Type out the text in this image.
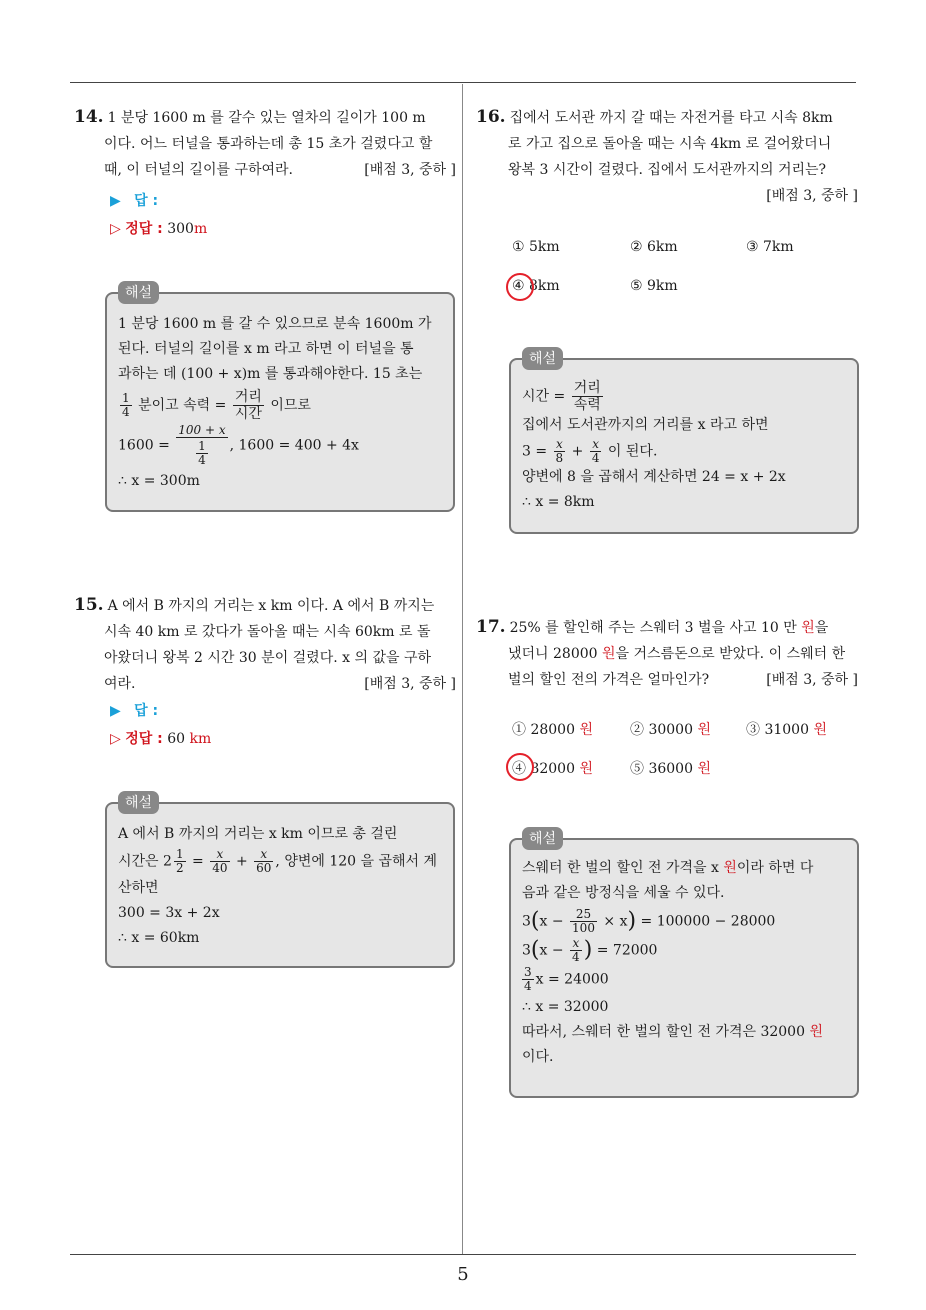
14. 1 분당 1600 m 를 갈수 있는 열차의 길이가 100 m
이다. 어느 터널을 통과하는데 총 15 초가 걸렸다고 할
때, 이 터널의 길이를 구하여라.	[배점 3, 중하 ]
▶ 답 :
▷ 정답 : 300m
해설
1 분당 1600 m 를 갈 수 있으므로 분속 1600m 가
된다. 터널의 길이를 x m 라고 하면 이 터널을 통
과하는 데 (100 + x)m 를 통과해야한다. 15 초는
$\frac{1}{4}$ 분이고 속력 = $\frac{\text{거리}}{\text{시간}}$ 이므로
$1600 = \frac{100 + x}{\frac{1}{4}}$ , 1600 = 400 + 4x
∴ x = 300m
15. A 에서 B 까지의 거리는 x km 이다. A 에서 B 까지는
시속 40 km 로 갔다가 돌아올 때는 시속 60km 로 돌
아왔더니 왕복 2 시간 30 분이 걸렸다. x 의 값을 구하
여라.	[배점 3, 중하 ]
▶ 답 :
▷ 정답 : 60 km
해설
A 에서 B 까지의 거리는 x km 이므로 총 걸린
시간은 $2 \frac{1}{2} = \frac{x}{40} + \frac{x}{60}$ , 양변에 120 을 곱해서 계
산하면
300 = 3x + 2x
∴ x = 60km
16. 집에서 도서관 까지 갈 때는 자전거를 타고 시속 8km
로 가고 집으로 돌아올 때는 시속 4km 로 걸어왔더니
왕복 3 시간이 걸렸다. 집에서 도서관까지의 거리는?
[배점 3, 중하 ]
① 5km	② 6km	③ 7km
④ 8km	⑤ 9km
해설
시간 = $\frac{\text{거리}}{\text{속력}}$
집에서 도서관까지의 거리를 x 라고 하면
$3 = \frac{x}{8} + \frac{x}{4}$ 이 된다.
양변에 8 을 곱해서 계산하면 24 = x + 2x
∴ x = 8km
17. 25% 를 할인해 주는 스웨터 3 벌을 사고 10 만 원을
냈더니 28000 원을 거스름돈으로 받았다. 이 스웨터 한
벌의 할인 전의 가격은 얼마인가?	[배점 3, 중하 ]
① 28000 원	② 30000 원	③ 31000 원
④ 32000 원	⑤ 36000 원
해설
스웨터 한 벌의 할인 전 가격을 x 원이라 하면 다
음과 같은 방정식을 세울 수 있다.
$3(x - \frac{25}{100} \times x) = 100000 - 28000$
$3(x - \frac{x}{4}$ ) = 72000
$\frac{3}{4}$ x = 24000
∴ x = 32000
따라서, 스웨터 한 벌의 할인 전 가격은 32000 원
이다.
5
